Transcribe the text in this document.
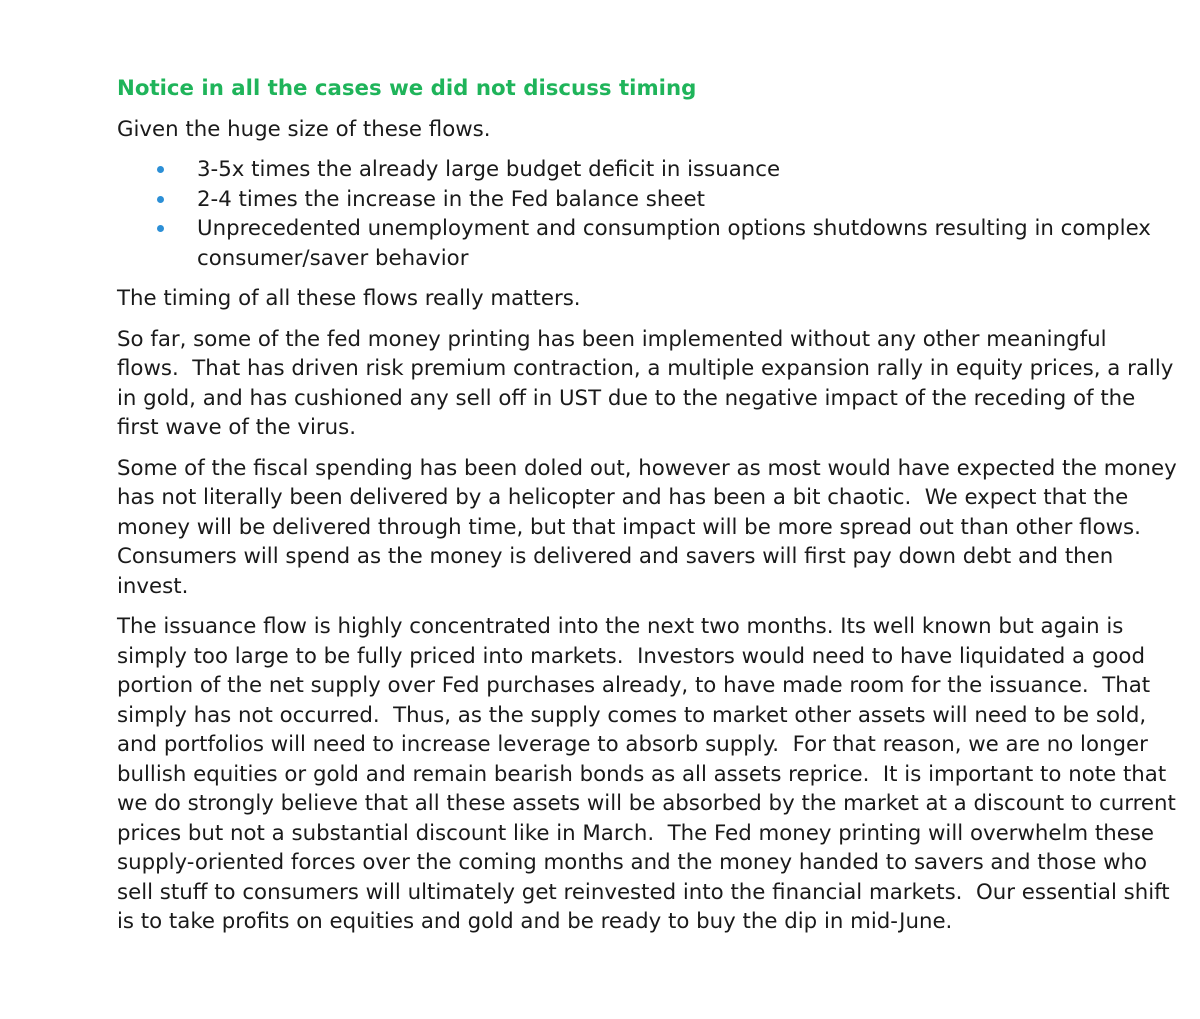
Notice in all the cases we did not discuss timing
Given the huge size of these flows.
3-5x times the already large budget deficit in issuance
2-4 times the increase in the Fed balance sheet
Unprecedented unemployment and consumption options shutdowns resulting in complex consumer/saver behavior
The timing of all these flows really matters.
So far, some of the fed money printing has been implemented without any other meaningful flows.  That has driven risk premium contraction, a multiple expansion rally in equity prices, a rally in gold, and has cushioned any sell off in UST due to the negative impact of the receding of the first wave of the virus.
Some of the fiscal spending has been doled out, however as most would have expected the money has not literally been delivered by a helicopter and has been a bit chaotic.  We expect that the money will be delivered through time, but that impact will be more spread out than other flows.  Consumers will spend as the money is delivered and savers will first pay down debt and then invest.
The issuance flow is highly concentrated into the next two months. Its well known but again is simply too large to be fully priced into markets.  Investors would need to have liquidated a good portion of the net supply over Fed purchases already, to have made room for the issuance.  That simply has not occurred.  Thus, as the supply comes to market other assets will need to be sold, and portfolios will need to increase leverage to absorb supply.  For that reason, we are no longer bullish equities or gold and remain bearish bonds as all assets reprice.  It is important to note that we do strongly believe that all these assets will be absorbed by the market at a discount to current prices but not a substantial discount like in March.  The Fed money printing will overwhelm these supply-oriented forces over the coming months and the money handed to savers and those who sell stuff to consumers will ultimately get reinvested into the financial markets.  Our essential shift is to take profits on equities and gold and be ready to buy the dip in mid-June.
